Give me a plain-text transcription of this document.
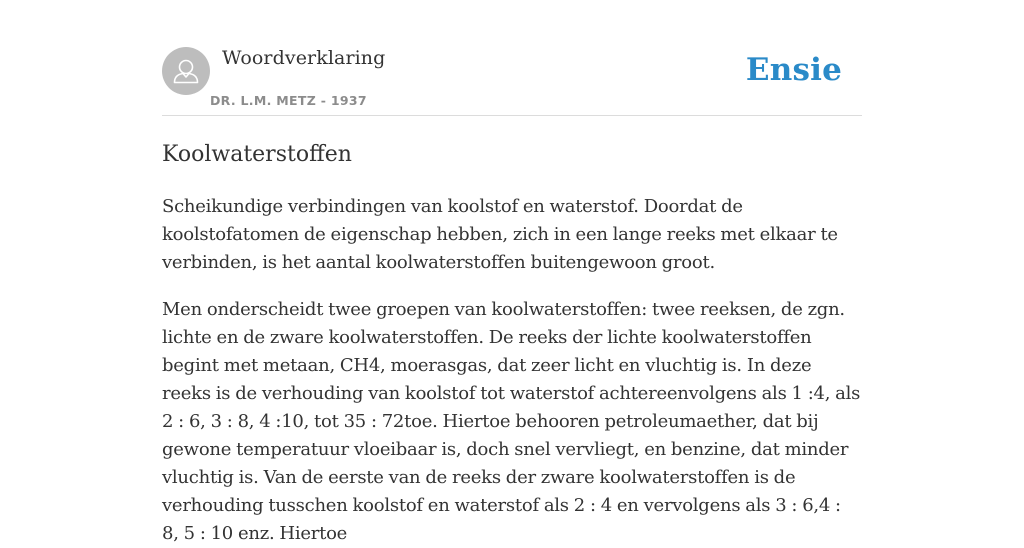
Woordverklaring
DR. L.M. METZ - 1937
Ensie
Koolwaterstoffen

Scheikundige verbindingen van koolstof en waterstof. Doordat de koolstofatomen de eigenschap hebben, zich in een lange reeks met elkaar te verbinden, is het aantal koolwaterstoffen buitengewoon groot.

Men onderscheidt twee groepen van koolwaterstoffen: twee reeksen, de zgn. lichte en de zware koolwaterstoffen. De reeks der lichte koolwaterstoffen begint met metaan, CH4, moerasgas, dat zeer licht en vluchtig is. In deze reeks is de verhouding van koolstof tot waterstof achtereenvolgens als 1 :4, als 2 : 6, 3 : 8, 4 :10, tot 35 : 72toe. Hiertoe behooren petroleumaether, dat bij gewone temperatuur vloeibaar is, doch snel vervliegt, en benzine, dat minder vluchtig is. Van de eerste van de reeks der zware koolwaterstoffen is de verhouding tusschen koolstof en waterstof als 2 : 4 en vervolgens als 3 : 6,4 : 8, 5 : 10 enz. Hiertoe
